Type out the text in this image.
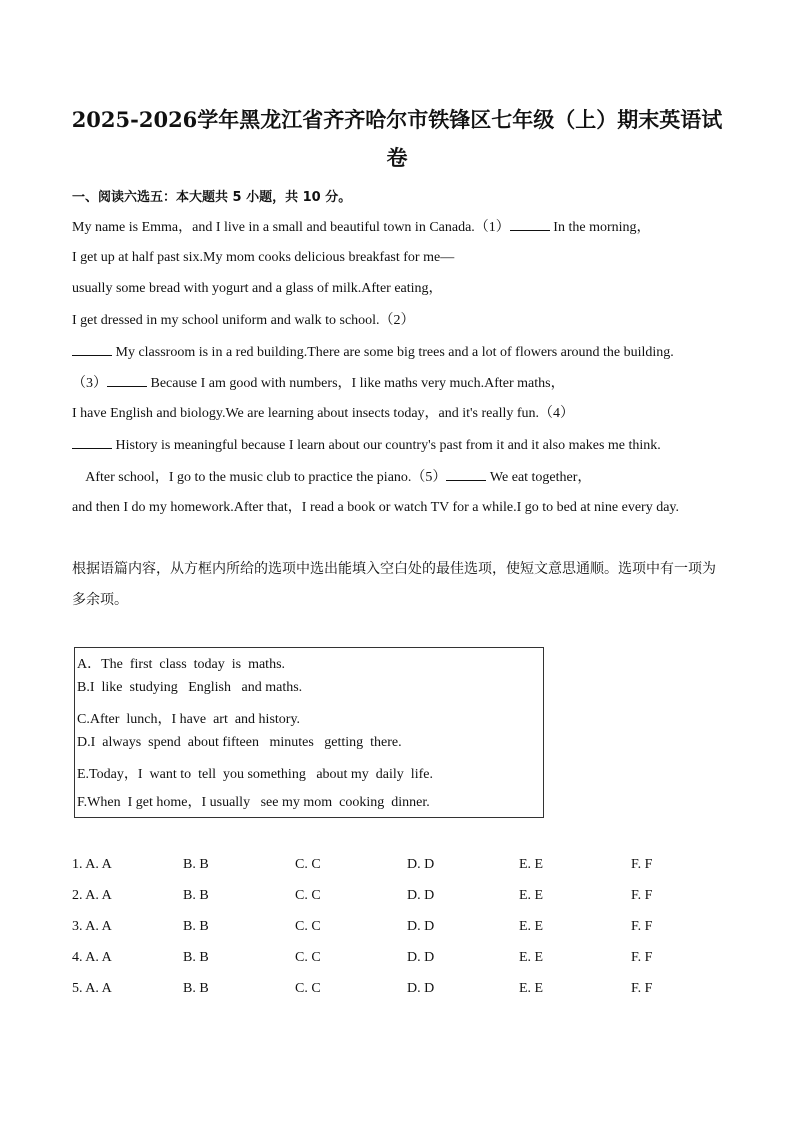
2025-2026学年黑龙江省齐齐哈尔市铁锋区七年级（上）期末英语试
卷
一、阅读六选五：本大题共 5 小题，共 10 分。
My name is Emma，and I live in a small and beautiful town in Canada.（1）	In the morning，
I get up at half past six.My mom cooks delicious breakfast for me—
usually some bread with yogurt and a glass of milk.After eating，
I get dressed in my school uniform and walk to school.（2）
My classroom is in a red building.There are some big trees and a lot of flowers around the building.
（3）	Because I am good with numbers，I like maths very much.After maths，
I have English and biology.We are learning about insects today，and it's really fun.（4）
History is meaningful because I learn about our country's past from it and it also makes me think.
After school，I go to the music club to practice the piano.（5）	We eat together，
and then I do my homework.After that，I read a book or watch TV for a while.I go to bed at nine every day.
根据语篇内容，从方框内所给的选项中选出能填入空白处的最佳选项，使短文意思通顺。选项中有一项为多余项。
A．The  first  class  today  is  maths.
B.I  like  studying   English   and maths.
C.After  lunch，I have  art  and history.
D.I  always  spend  about fifteen   minutes   getting  there.
E.Today，I  want to  tell  you something   about my  daily  life.
F.When  I get home，I usually   see my mom  cooking  dinner.
1. A. A	B. B	C. C	D. D	E. E	F. F
2. A. A	B. B	C. C	D. D	E. E	F. F
3. A. A	B. B	C. C	D. D	E. E	F. F
4. A. A	B. B	C. C	D. D	E. E	F. F
5. A. A	B. B	C. C	D. D	E. E	F. F
